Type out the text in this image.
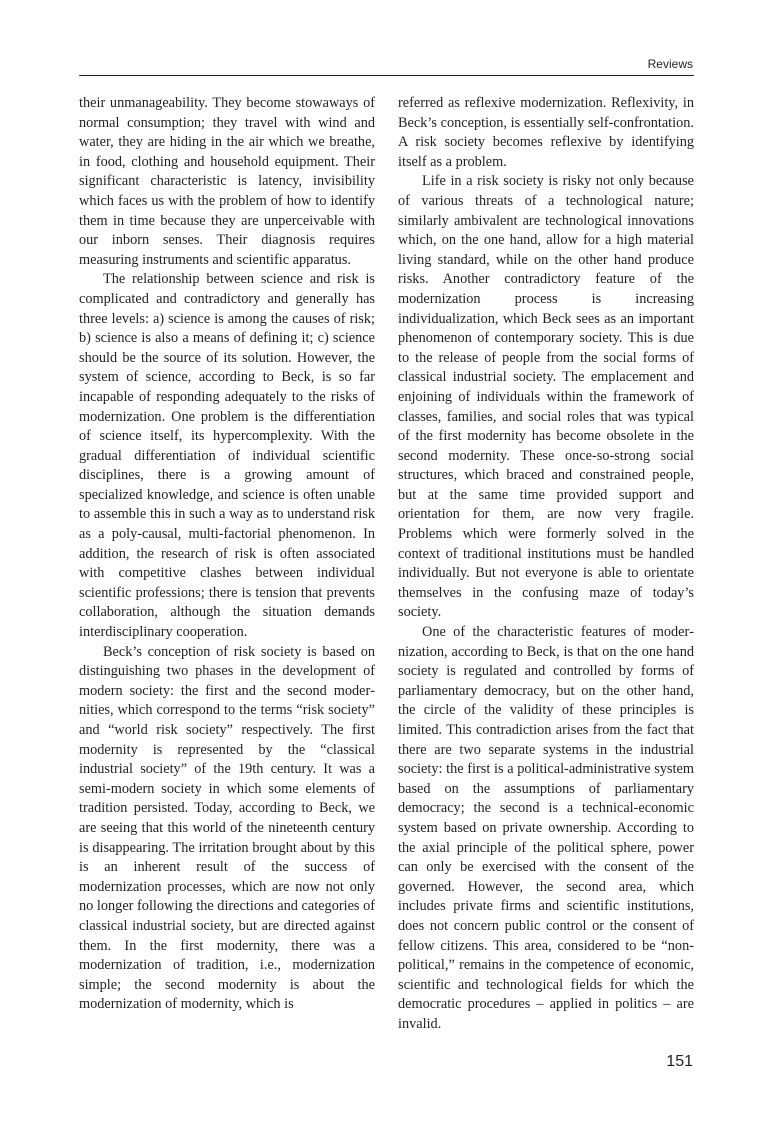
Reviews

their unmanageability. They become stowaways of normal consumption; they travel with wind and water, they are hiding in the air which we breathe, in food, clothing and household equipment. Their significant characteristic is latency, invisibility which faces us with the problem of how to identify them in time because they are unperceivable with our inborn senses. Their diagnosis requires measuring instruments and scientific apparatus.

The relationship between science and risk is complicated and contradictory and generally has three levels: a) science is among the causes of risk; b) science is also a means of defining it; c) science should be the source of its solution. However, the system of science, according to Beck, is so far incapable of responding adequately to the risks of modernization. One problem is the differentiation of science itself, its hypercomplexity. With the gradual differentiation of individual scientific disciplines, there is a growing amount of specialized knowledge, and science is often unable to assemble this in such a way as to understand risk as a poly-causal, multi-factorial phenomenon. In addition, the research of risk is often associated with competitive clashes between individual scientific professions; there is tension that prevents collaboration, although the situation demands interdisciplinary cooperation.

Beck’s conception of risk society is based on distinguishing two phases in the development of modern society: the first and the second modernities, which correspond to the terms “risk society” and “world risk society” respectively. The first modernity is represented by the “classical industrial society” of the 19th century. It was a semi-modern society in which some elements of tradition persisted. Today, according to Beck, we are seeing that this world of the nineteenth century is disappearing. The irritation brought about by this is an inherent result of the success of modernization processes, which are now not only no longer following the directions and categories of classical industrial society, but are directed against them. In the first modernity, there was a modernization of tradition, i.e., modernization simple; the second modernity is about the modernization of modernity, which is

referred as reflexive modernization. Reflexivity, in Beck’s conception, is essentially self-confrontation. A risk society becomes reflexive by identifying itself as a problem.

Life in a risk society is risky not only because of various threats of a technological nature; similarly ambivalent are technological innovations which, on the one hand, allow for a high material living standard, while on the other hand produce risks. Another contradictory feature of the modernization process is increasing individualization, which Beck sees as an important phenomenon of contemporary society. This is due to the release of people from the social forms of classical industrial society. The emplacement and enjoining of individuals within the framework of classes, families, and social roles that was typical of the first modernity has become obsolete in the second modernity. These once-so-strong social structures, which braced and constrained people, but at the same time provided support and orientation for them, are now very fragile. Problems which were formerly solved in the context of traditional institutions must be handled individually. But not everyone is able to orientate themselves in the confusing maze of today’s society.

One of the characteristic features of modernization, according to Beck, is that on the one hand society is regulated and controlled by forms of parliamentary democracy, but on the other hand, the circle of the validity of these principles is limited. This contradiction arises from the fact that there are two separate systems in the industrial society: the first is a political-administrative system based on the assumptions of parliamentary democracy; the second is a technical-economic system based on private ownership. According to the axial principle of the political sphere, power can only be exercised with the consent of the governed. However, the second area, which includes private firms and scientific institutions, does not concern public control or the consent of fellow citizens. This area, considered to be “non-political,” remains in the competence of economic, scientific and technological fields for which the democratic procedures – applied in politics – are invalid.

151
